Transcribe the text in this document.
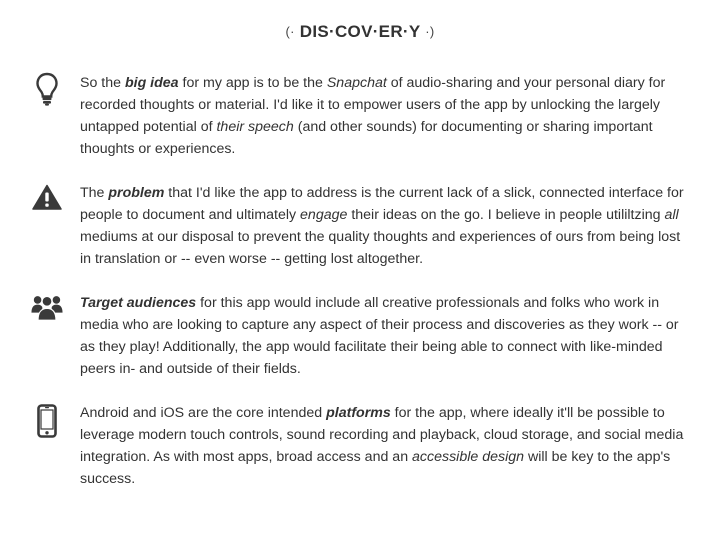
(· DIS·COV·ER·Y ·)

So the big idea for my app is to be the Snapchat of audio-sharing and your personal diary for recorded thoughts or material. I'd like it to empower users of the app by unlocking the largely untapped potential of their speech (and other sounds) for documenting or sharing important thoughts or experiences.

The problem that I'd like the app to address is the current lack of a slick, connected interface for people to document and ultimately engage their ideas on the go. I believe in people utililtzing all mediums at our disposal to prevent the quality thoughts and experiences of ours from being lost in translation or -- even worse -- getting lost altogether.

Target audiences for this app would include all creative professionals and folks who work in media who are looking to capture any aspect of their process and discoveries as they work -- or as they play! Additionally, the app would facilitate their being able to connect with like-minded peers in- and outside of their fields.

Android and iOS are the core intended platforms for the app, where ideally it'll be possible to leverage modern touch controls, sound recording and playback, cloud storage, and social media integration. As with most apps, broad access and an accessible design will be key to the app's success.
